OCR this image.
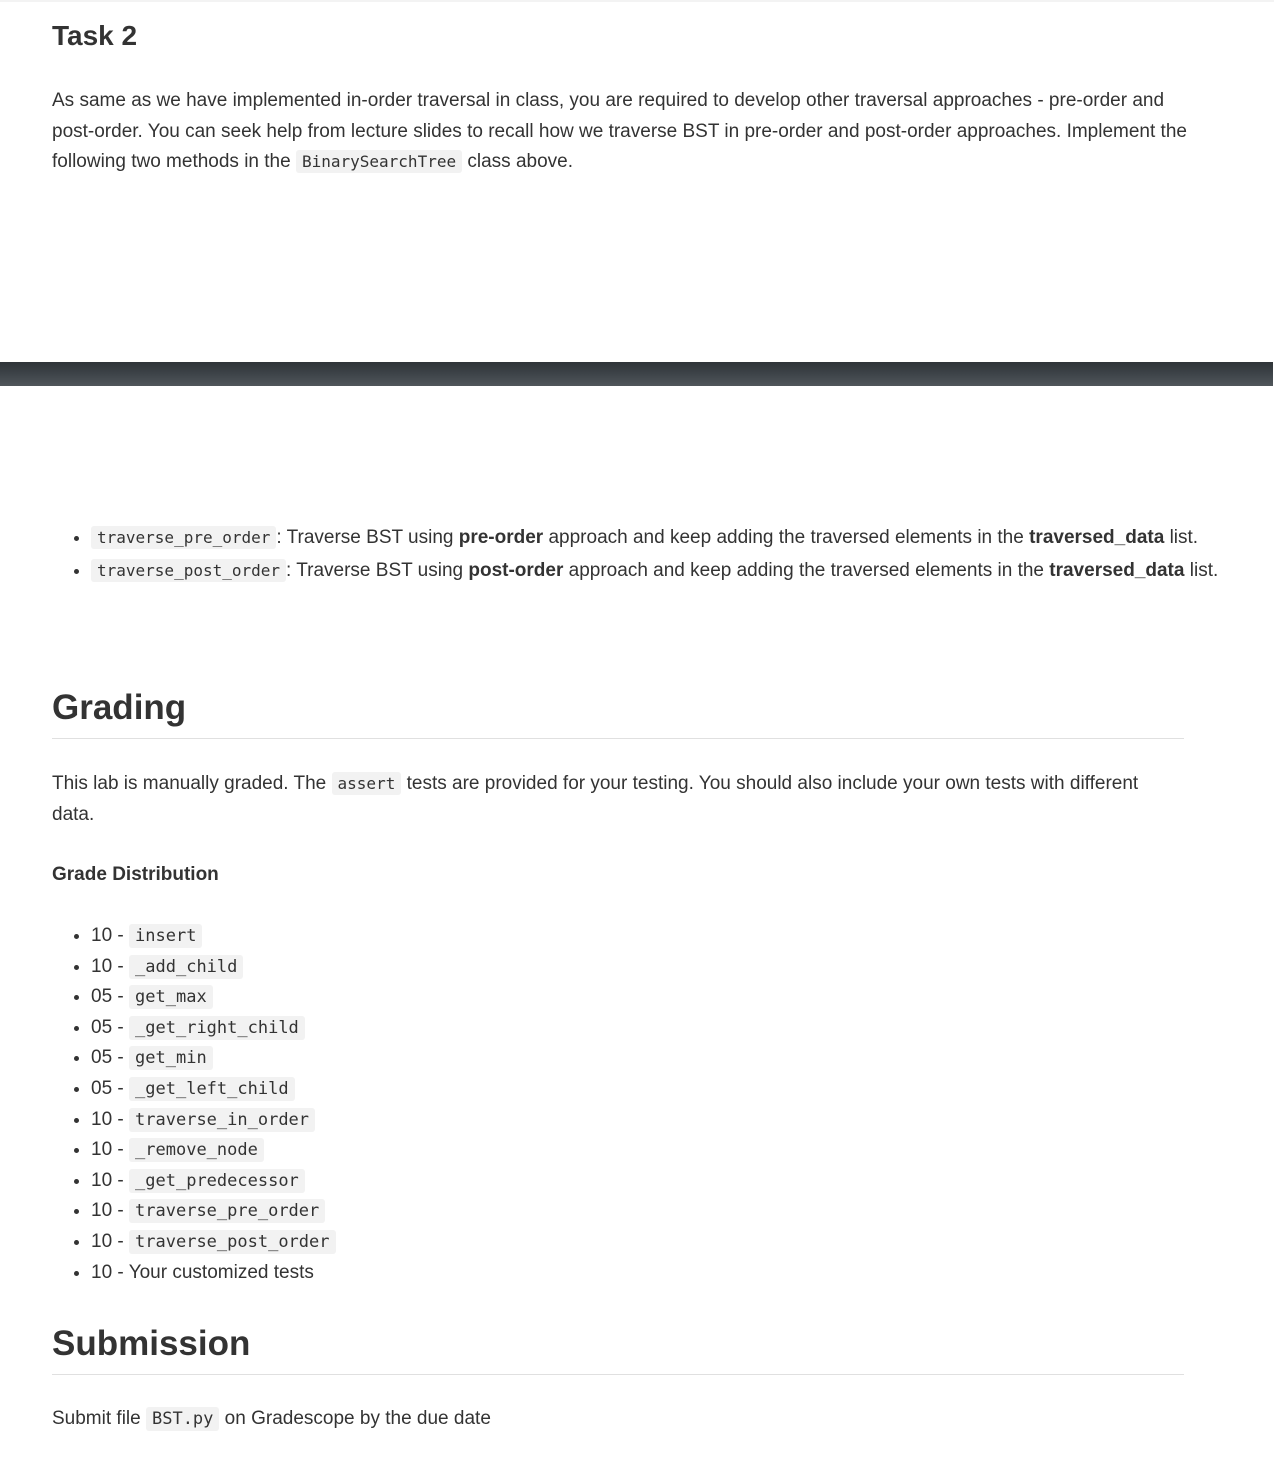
Task 2

As same as we have implemented in-order traversal in class, you are required to develop other traversal approaches - pre-order and post-order. You can seek help from lecture slides to recall how we traverse BST in pre-order and post-order approaches. Implement the following two methods in the BinarySearchTree class above.

• traverse_pre_order : Traverse BST using pre-order approach and keep adding the traversed elements in the traversed_data list.
• traverse_post_order : Traverse BST using post-order approach and keep adding the traversed elements in the traversed_data list.
Grading

This lab is manually graded. The assert tests are provided for your testing. You should also include your own tests with different data.

Grade Distribution
• 10 - insert
• 10 - _add_child
• 05 - get_max
• 05 - _get_right_child
• 05 - get_min
• 05 - _get_left_child
• 10 - traverse_in_order
• 10 - _remove_node
• 10 - _get_predecessor
• 10 - traverse_pre_order
• 10 - traverse_post_order
• 10 - Your customized tests
Submission

Submit file BST.py on Gradescope by the due date
